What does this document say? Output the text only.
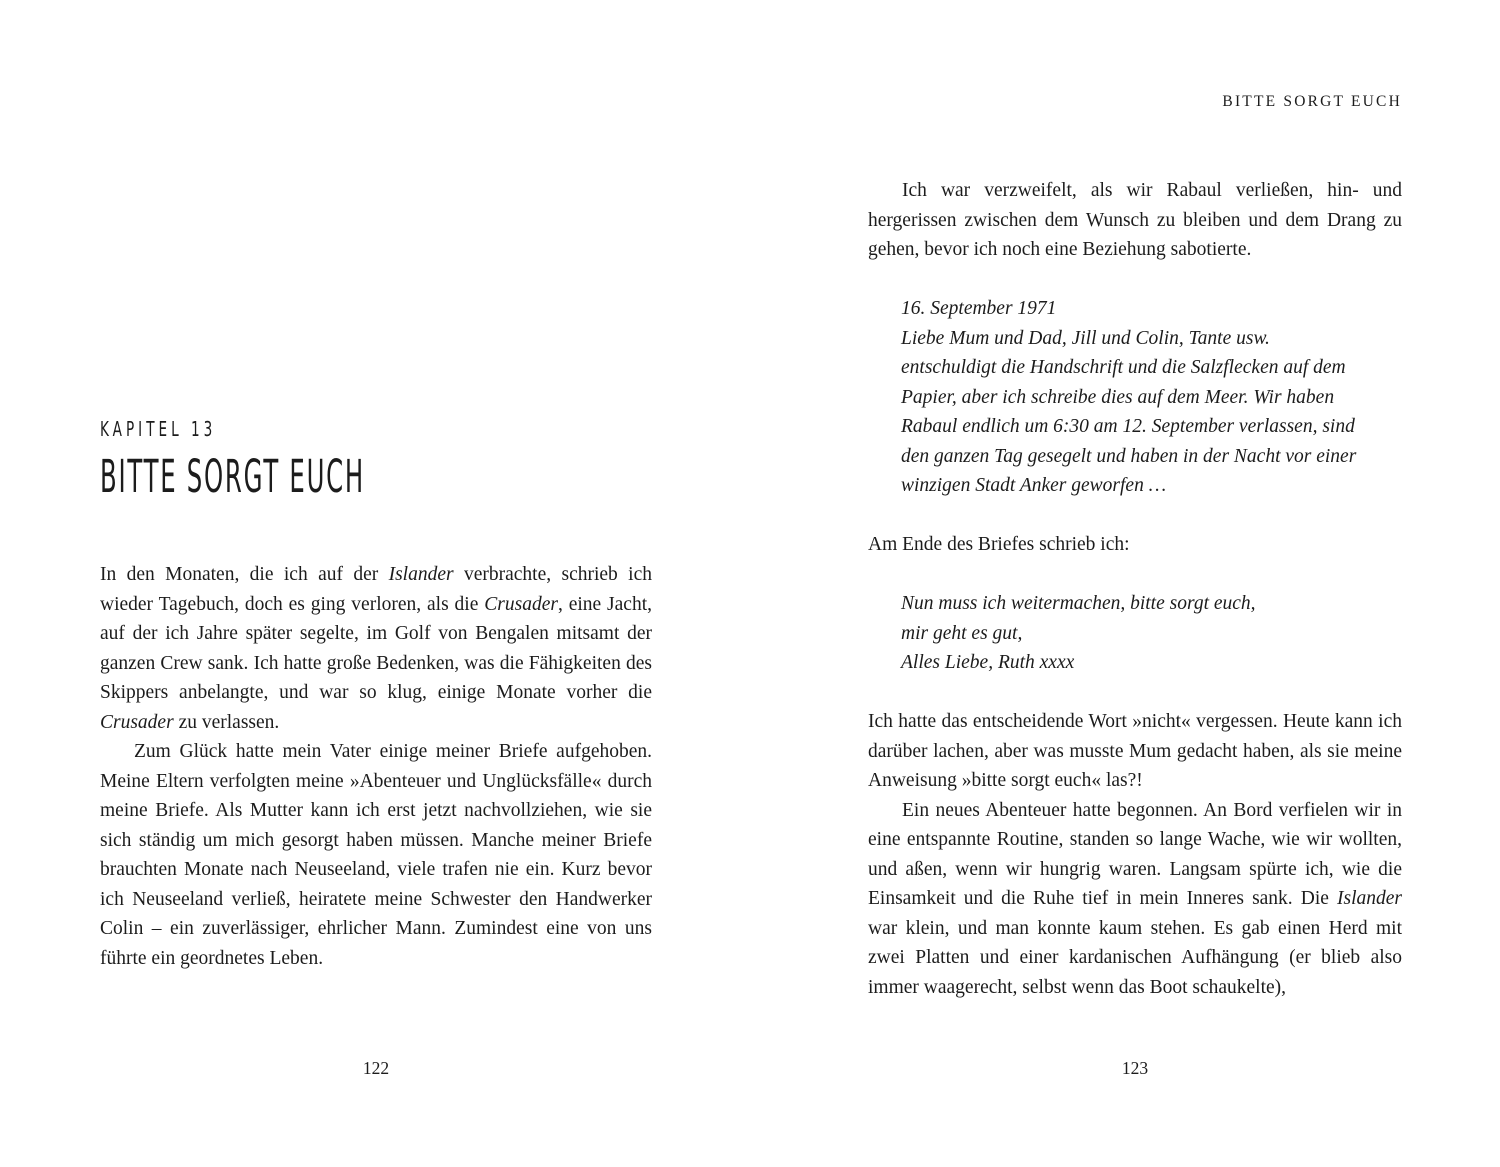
KAPITEL 13
BITTE SORGT EUCH
In den Monaten, die ich auf der Islander verbrachte, schrieb ich wieder Tagebuch, doch es ging verloren, als die Crusader, eine Jacht, auf der ich Jahre später segelte, im Golf von Bengalen mitsamt der ganzen Crew sank. Ich hatte große Bedenken, was die Fähigkeiten des Skippers anbelangte, und war so klug, einige Monate vorher die Crusader zu verlassen.
Zum Glück hatte mein Vater einige meiner Briefe aufgehoben. Meine Eltern verfolgten meine »Abenteuer und Unglücksfälle« durch meine Briefe. Als Mutter kann ich erst jetzt nachvollziehen, wie sie sich ständig um mich gesorgt haben müssen. Manche meiner Briefe brauchten Monate nach Neuseeland, viele trafen nie ein. Kurz bevor ich Neuseeland verließ, heiratete meine Schwester den Handwerker Colin – ein zuverlässiger, ehrlicher Mann. Zumindest eine von uns führte ein geordnetes Leben.
122
BITTE SORGT EUCH
Ich war verzweifelt, als wir Rabaul verließen, hin- und hergerissen zwischen dem Wunsch zu bleiben und dem Drang zu gehen, bevor ich noch eine Beziehung sabotierte.
16. September 1971
Liebe Mum und Dad, Jill und Colin, Tante usw.
entschuldigt die Handschrift und die Salzflecken auf dem Papier, aber ich schreibe dies auf dem Meer. Wir haben Rabaul endlich um 6:30 am 12. September verlassen, sind den ganzen Tag gesegelt und haben in der Nacht vor einer winzigen Stadt Anker geworfen …
Am Ende des Briefes schrieb ich:
Nun muss ich weitermachen, bitte sorgt euch,
mir geht es gut,
Alles Liebe, Ruth xxxx
Ich hatte das entscheidende Wort »nicht« vergessen. Heute kann ich darüber lachen, aber was musste Mum gedacht haben, als sie meine Anweisung »bitte sorgt euch« las?!
Ein neues Abenteuer hatte begonnen. An Bord verfielen wir in eine entspannte Routine, standen so lange Wache, wie wir wollten, und aßen, wenn wir hungrig waren. Langsam spürte ich, wie die Einsamkeit und die Ruhe tief in mein Inneres sank. Die Islander war klein, und man konnte kaum stehen. Es gab einen Herd mit zwei Platten und einer kardanischen Aufhängung (er blieb also immer waagerecht, selbst wenn das Boot schaukelte),
123
